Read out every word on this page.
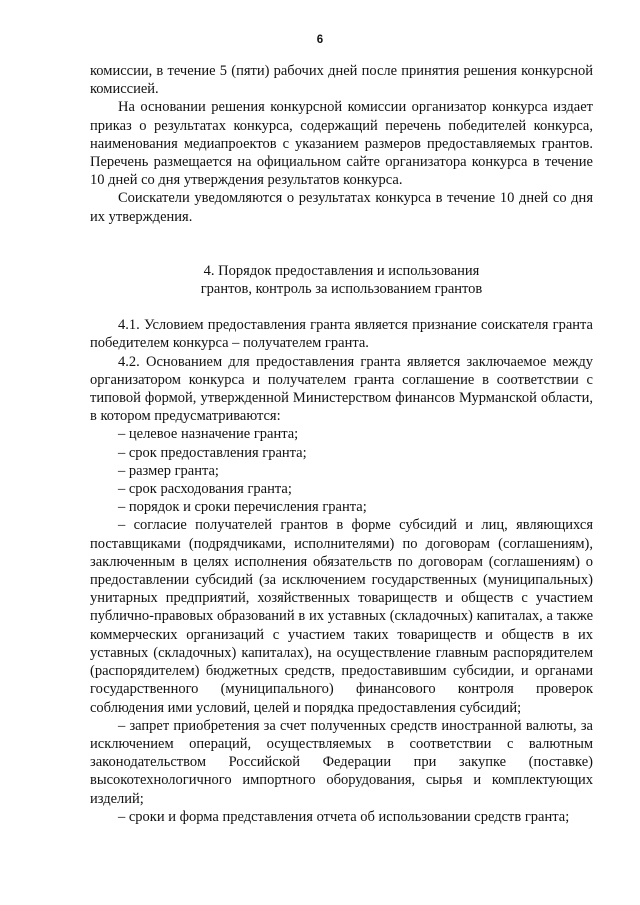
6

комиссии, в течение 5 (пяти) рабочих дней после принятия решения конкурсной комиссией.

На основании решения конкурсной комиссии организатор конкурса издает приказ о результатах конкурса, содержащий перечень победителей конкурса, наименования медиапроектов с указанием размеров предоставляемых грантов. Перечень размещается на официальном сайте организатора конкурса в течение 10 дней со дня утверждения результатов конкурса.

Соискатели уведомляются о результатах конкурса в течение 10 дней со дня их утверждения.

4. Порядок предоставления и использования
грантов, контроль за использованием грантов

4.1. Условием предоставления гранта является признание соискателя гранта победителем конкурса – получателем гранта.

4.2. Основанием для предоставления гранта является заключаемое между организатором конкурса и получателем гранта соглашение в соответствии с типовой формой, утвержденной Министерством финансов Мурманской области, в котором предусматриваются:

– целевое назначение гранта;

– срок предоставления гранта;

– размер гранта;

– срок расходования гранта;

– порядок и сроки перечисления гранта;

– согласие получателей грантов в форме субсидий и лиц, являющихся поставщиками (подрядчиками, исполнителями) по договорам (соглашениям), заключенным в целях исполнения обязательств по договорам (соглашениям) о предоставлении субсидий (за исключением государственных (муниципальных) унитарных предприятий, хозяйственных товариществ и обществ с участием публично-правовых образований в их уставных (складочных) капиталах, а также коммерческих организаций с участием таких товариществ и обществ в их уставных (складочных) капиталах), на осуществление главным распорядителем (распорядителем) бюджетных средств, предоставившим субсидии, и органами государственного (муниципального) финансового контроля проверок соблюдения ими условий, целей и порядка предоставления субсидий;

– запрет приобретения за счет полученных средств иностранной валюты, за исключением операций, осуществляемых в соответствии с валютным законодательством Российской Федерации при закупке (поставке) высокотехнологичного импортного оборудования, сырья и комплектующих изделий;

– сроки и форма представления отчета об использовании средств гранта;
